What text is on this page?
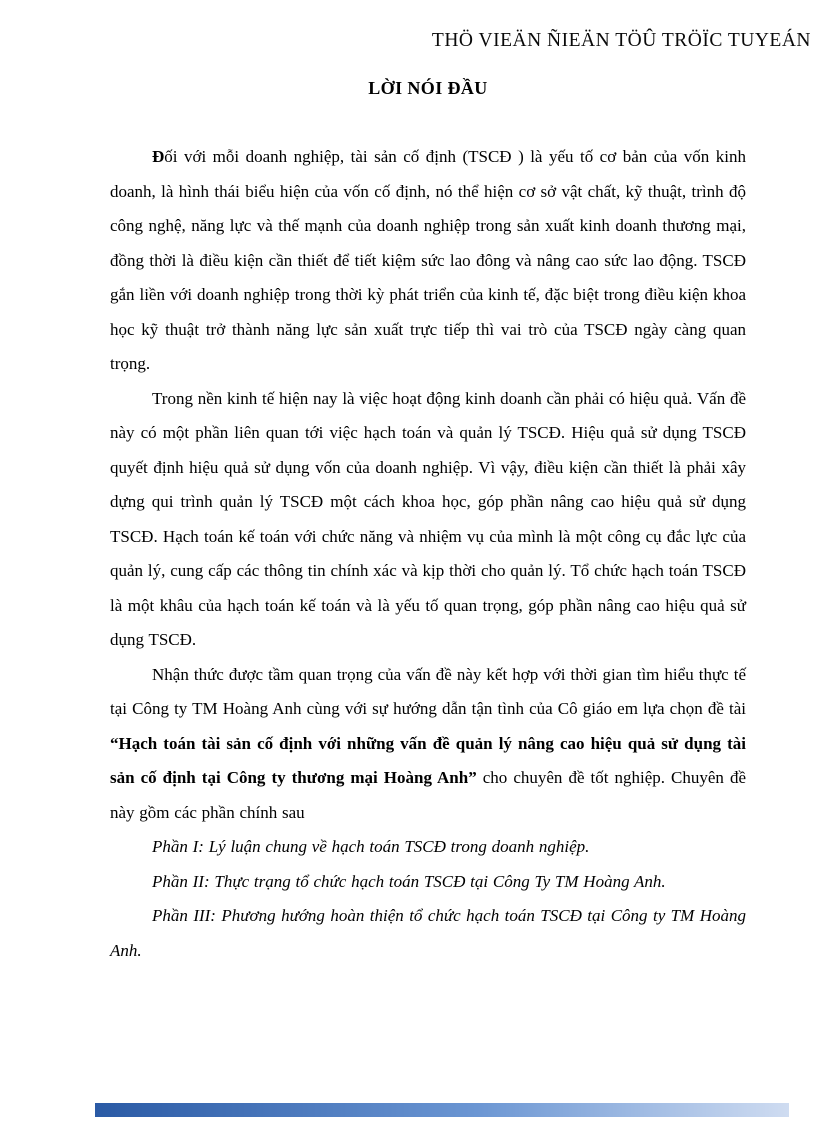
THÖ VIEÄN ÑIEÄN TÖÛ TRÖÏC TUYEÁN
LỜI NÓI ĐẦU

Đối với mỗi doanh nghiệp, tài sản cố định (TSCĐ ) là yếu tố cơ bản của vốn kinh doanh, là hình thái biểu hiện của vốn cố định, nó thể hiện cơ sở vật chất, kỹ thuật, trình độ công nghệ, năng lực và thế mạnh của doanh nghiệp trong sản xuất kinh doanh thương mại, đồng thời là điều kiện cần thiết để tiết kiệm sức lao đông và nâng cao sức lao động. TSCĐ gắn liền với doanh nghiệp trong thời kỳ phát triển của kinh tế, đặc biệt trong điều kiện khoa học kỹ thuật trở thành năng lực sản xuất trực tiếp thì vai trò của TSCĐ ngày càng quan trọng.

Trong nền kinh tế hiện nay là việc hoạt động kinh doanh cần phải có hiệu quả. Vấn đề này có một phần liên quan tới việc hạch toán và quản lý TSCĐ. Hiệu quả sử dụng TSCĐ quyết định hiệu quả sử dụng vốn của doanh nghiệp. Vì vậy, điều kiện cần thiết là phải xây dựng qui trình quản lý TSCĐ một cách khoa học, góp phần nâng cao hiệu quả sử dụng TSCĐ. Hạch toán kế toán với chức năng và nhiệm vụ của mình là một công cụ đắc lực của quản lý, cung cấp các thông tin chính xác và kịp thời cho quản lý. Tổ chức hạch toán TSCĐ là một khâu của hạch toán kế toán và là yếu tố quan trọng, góp phần nâng cao hiệu quả sử dụng TSCĐ.

Nhận thức được tầm quan trọng của vấn đề này kết hợp với thời gian tìm hiểu thực tế tại Công ty TM Hoàng Anh cùng với sự hướng dẫn tận tình của Cô giáo em lựa chọn đề tài “Hạch toán tài sản cố định với những vấn đề quản lý nâng cao hiệu quả sử dụng tài sản cố định tại Công ty thương mại Hoàng Anh” cho chuyên đề tốt nghiệp. Chuyên đề này gồm các phần chính sau

Phần I: Lý luận chung về hạch toán TSCĐ trong doanh nghiệp.

Phần II: Thực trạng tổ chức hạch toán TSCĐ tại Công Ty TM Hoàng Anh.

Phần III: Phương hướng hoàn thiện tổ chức hạch toán TSCĐ tại Công ty TM Hoàng Anh.
